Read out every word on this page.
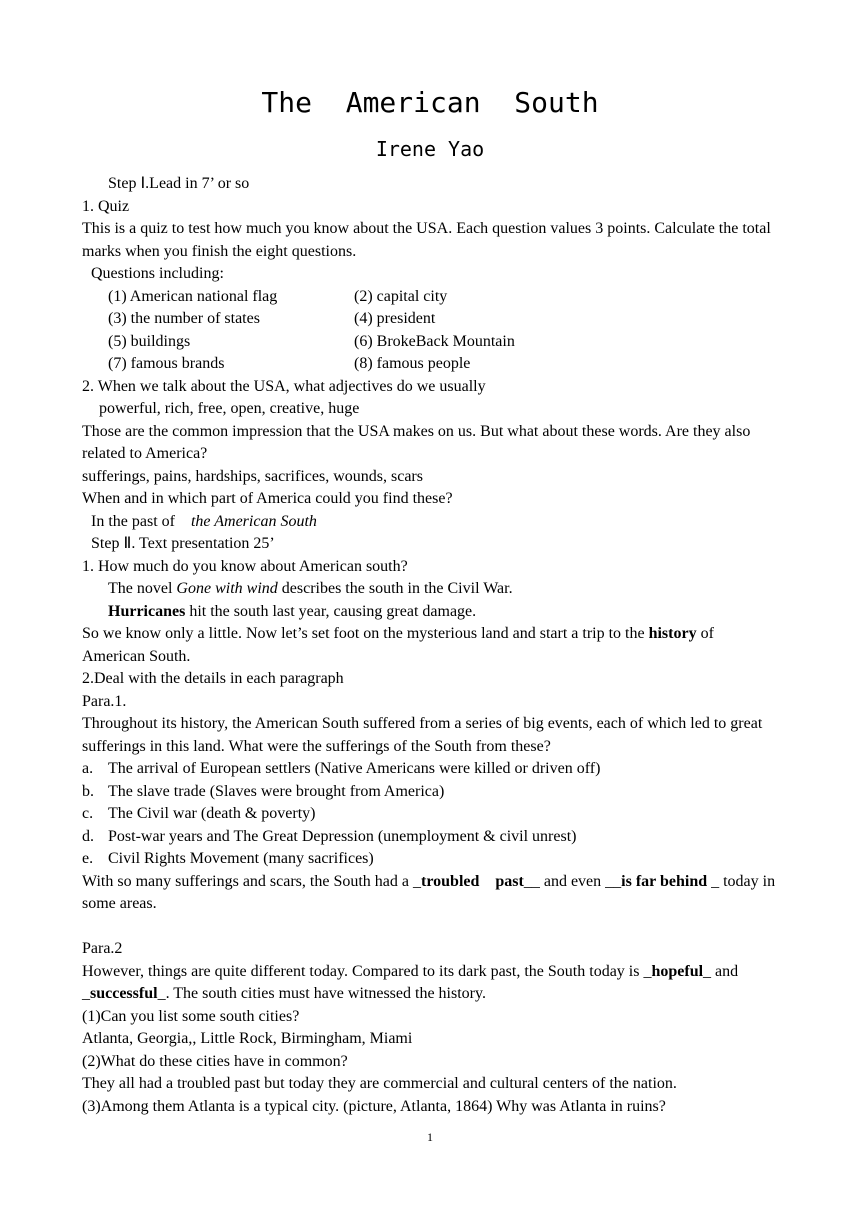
The  American  South
Irene Yao

Step Ⅰ.Lead in 7’ or so

1. Quiz

This is a quiz to test how much you know about the USA. Each question values 3 points. Calculate the total marks when you finish the eight questions.

Questions including:

(1) American national flag	(2) capital city
(3) the number of states	(4) president
(5) buildings	(6) BrokeBack Mountain
(7) famous brands	(8) famous people

2. When we talk about the USA, what adjectives do we usually

powerful, rich, free, open, creative, huge

Those are the common impression that the USA makes on us. But what about these words. Are they also related to America?

sufferings, pains, hardships, sacrifices, wounds, scars

When and in which part of America could you find these?

In the past of the American South

Step Ⅱ. Text presentation 25’

1. How much do you know about American south?

The novel Gone with wind describes the south in the Civil War.

Hurricanes hit the south last year, causing great damage.

So we know only a little. Now let’s set foot on the mysterious land and start a trip to the history of American South.

2.Deal with the details in each paragraph

Para.1.

Throughout its history, the American South suffered from a series of big events, each of which led to great sufferings in this land. What were the sufferings of the South from these?

a. The arrival of European settlers (Native Americans were killed or driven off)
b. The slave trade (Slaves were brought from America)
c. The Civil war (death & poverty)
d. Post-war years and The Great Depression (unemployment & civil unrest)
e. Civil Rights Movement (many sacrifices)

With so many sufferings and scars, the South had a _troubled    past__ and even __is far behind _ today in some areas.

Para.2

However, things are quite different today. Compared to its dark past, the South today is _hopeful_ and _successful_. The south cities must have witnessed the history.

(1)Can you list some south cities?

Atlanta, Georgia,, Little Rock, Birmingham, Miami

(2)What do these cities have in common?

They all had a troubled past but today they are commercial and cultural centers of the nation.

(3)Among them Atlanta is a typical city. (picture, Atlanta, 1864) Why was Atlanta in ruins?

1
